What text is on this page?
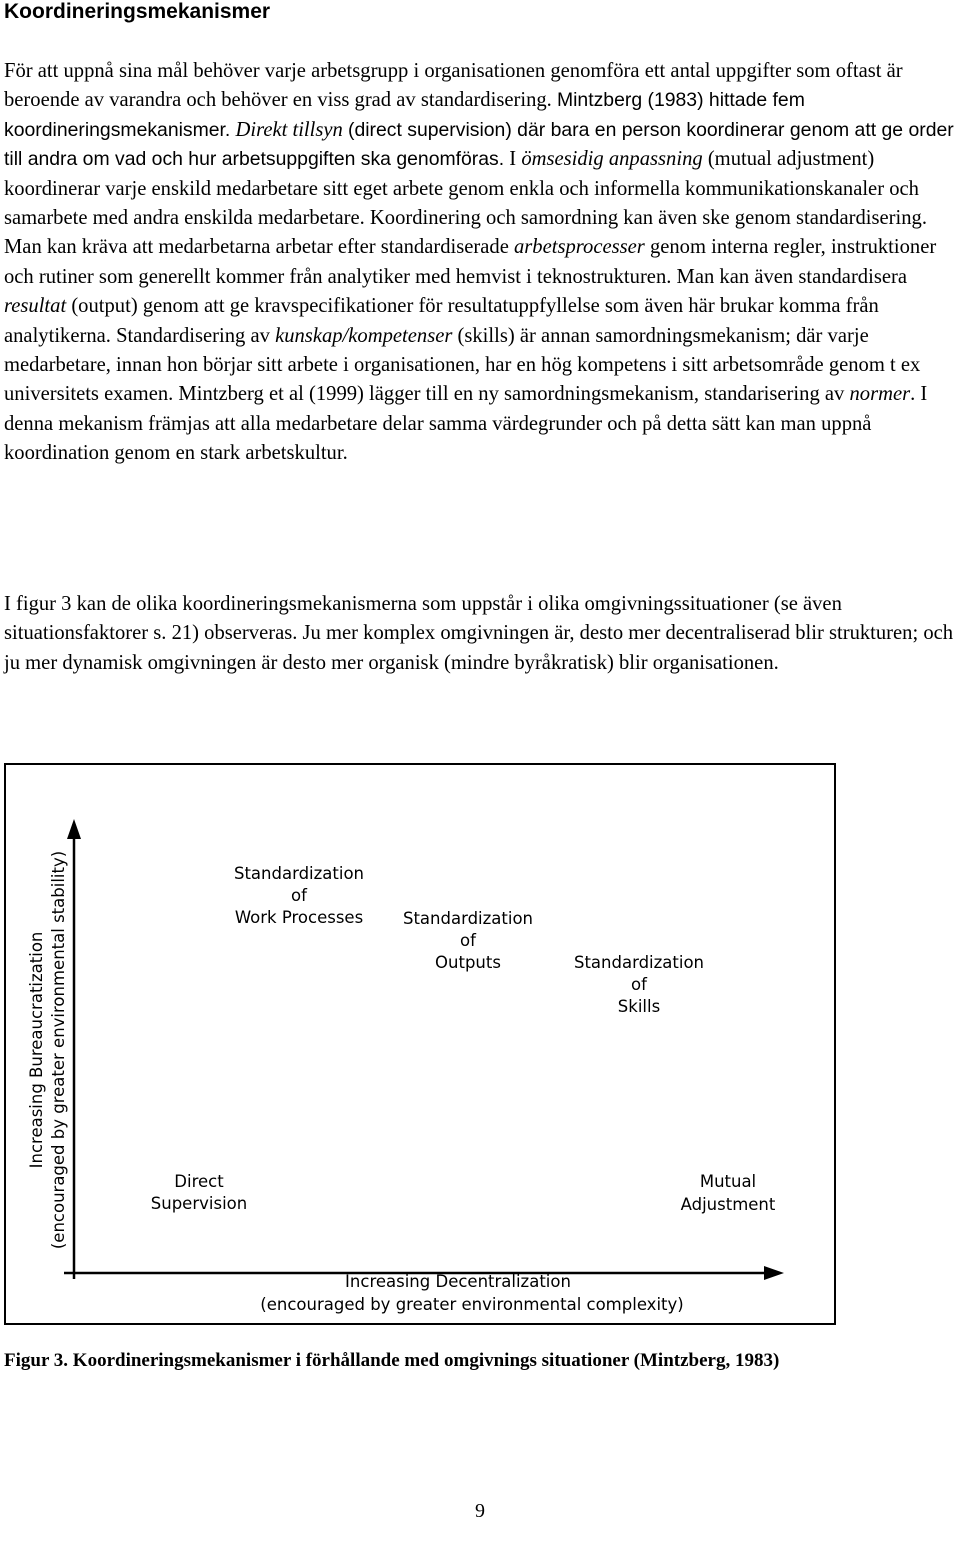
Koordineringsmekanismer

För att uppnå sina mål behöver varje arbetsgrupp i organisationen genomföra ett antal uppgifter som oftast är beroende av varandra och behöver en viss grad av standardisering. Mintzberg (1983) hittade fem koordineringsmekanismer. Direkt tillsyn (direct supervision) där bara en person koordinerar genom att ge order till andra om vad och hur arbetsuppgiften ska genomföras. I ömsesidig anpassning (mutual adjustment) koordinerar varje enskild medarbetare sitt eget arbete genom enkla och informella kommunikationskanaler och samarbete med andra enskilda medarbetare. Koordinering och samordning kan även ske genom standardisering. Man kan kräva att medarbetarna arbetar efter standardiserade arbetsprocesser genom interna regler, instruktioner och rutiner som generellt kommer från analytiker med hemvist i teknostrukturen. Man kan även standardisera resultat (output) genom att ge kravspecifikationer för resultatuppfyllelse som även här brukar komma från analytikerna. Standardisering av kunskap/kompetenser (skills) är annan samordningsmekanism; där varje medarbetare, innan hon börjar sitt arbete i organisationen, har en hög kompetens i sitt arbetsområde genom t ex universitets examen. Mintzberg et al (1999) lägger till en ny samordningsmekanism, standarisering av normer. I denna mekanism främjas att alla medarbetare delar samma värdegrunder och på detta sätt kan man uppnå koordination genom en stark arbetskultur.

I figur 3 kan de olika koordineringsmekanismerna som uppstår i olika omgivningssituationer (se även situationsfaktorer s. 21) observeras. Ju mer komplex omgivningen är, desto mer decentraliserad blir strukturen; och ju mer dynamisk omgivningen är desto mer organisk (mindre byråkratisk) blir organisationen.

Increasing Bureaucratization (encouraged by greater environmental stability)
Increasing Decentralization
(encouraged by greater environmental complexity)
Standardization
of
Work Processes Standardization
of
Outputs	Standardization
of
Skills
Direct
Supervision
Mutual
Adjustment

Figur 3. Koordineringsmekanismer i förhållande med omgivnings situationer (Mintzberg, 1983)

9
